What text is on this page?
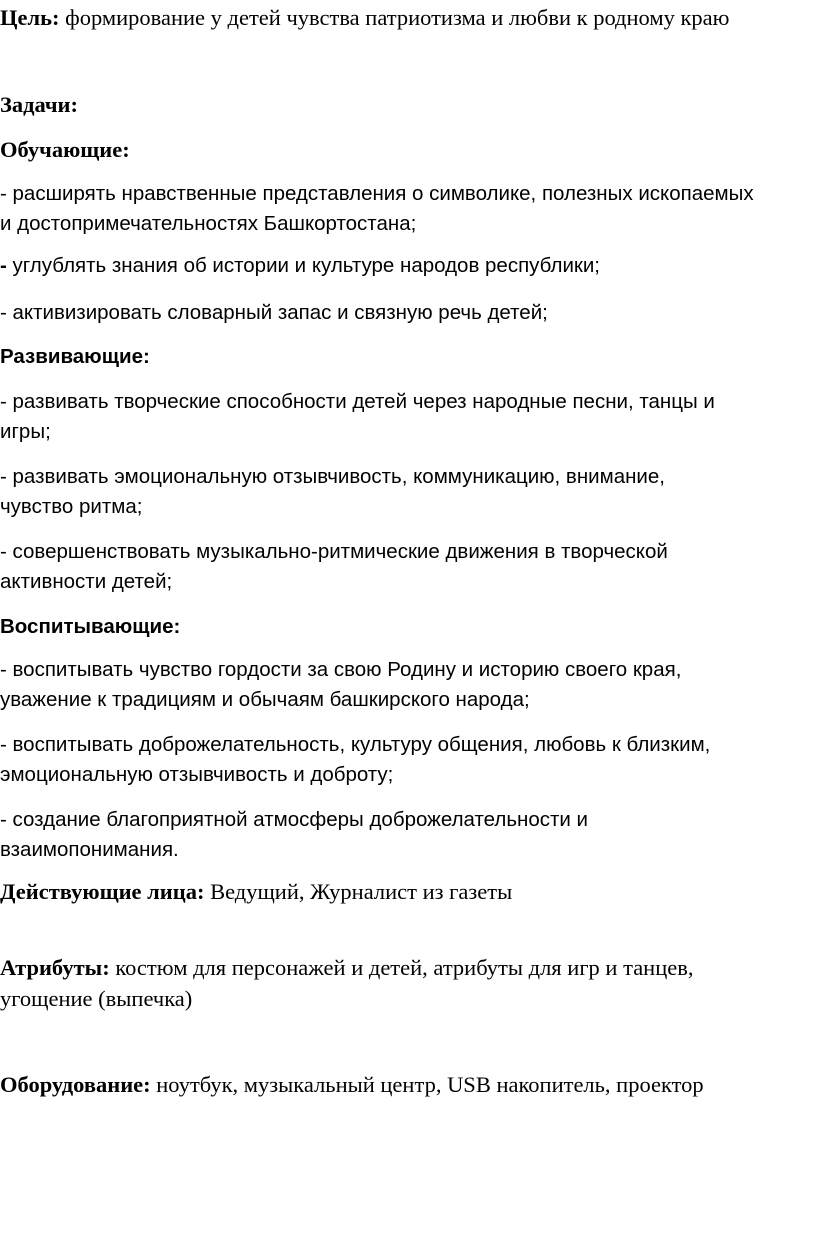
Цель: формирование у детей чувства патриотизма и любви к родному краю

Задачи:

Обучающие:

- расширять нравственные представления о символике, полезных ископаемых

и достопримечательностях Башкортостана;

- углублять знания об истории и культуре народов республики;

- активизировать словарный запас и связную речь детей;

Развивающие:

- развивать творческие способности детей через народные песни, танцы и

игры;

- развивать эмоциональную отзывчивость, коммуникацию, внимание,

чувство ритма;

- совершенствовать музыкально-ритмические движения в творческой

активности детей;

Воспитывающие:

- воспитывать чувство гордости за свою Родину и историю своего края,

уважение к традициям и обычаям башкирского народа;

- воспитывать доброжелательность, культуру общения, любовь к близким,

эмоциональную отзывчивость и доброту;

- создание благоприятной атмосферы доброжелательности и

взаимопонимания.

Действующие лица: Ведущий, Журналист из газеты

Атрибуты: костюм для персонажей и детей, атрибуты для игр и танцев,

угощение (выпечка)

Оборудование: ноутбук, музыкальный центр, USB накопитель, проектор
